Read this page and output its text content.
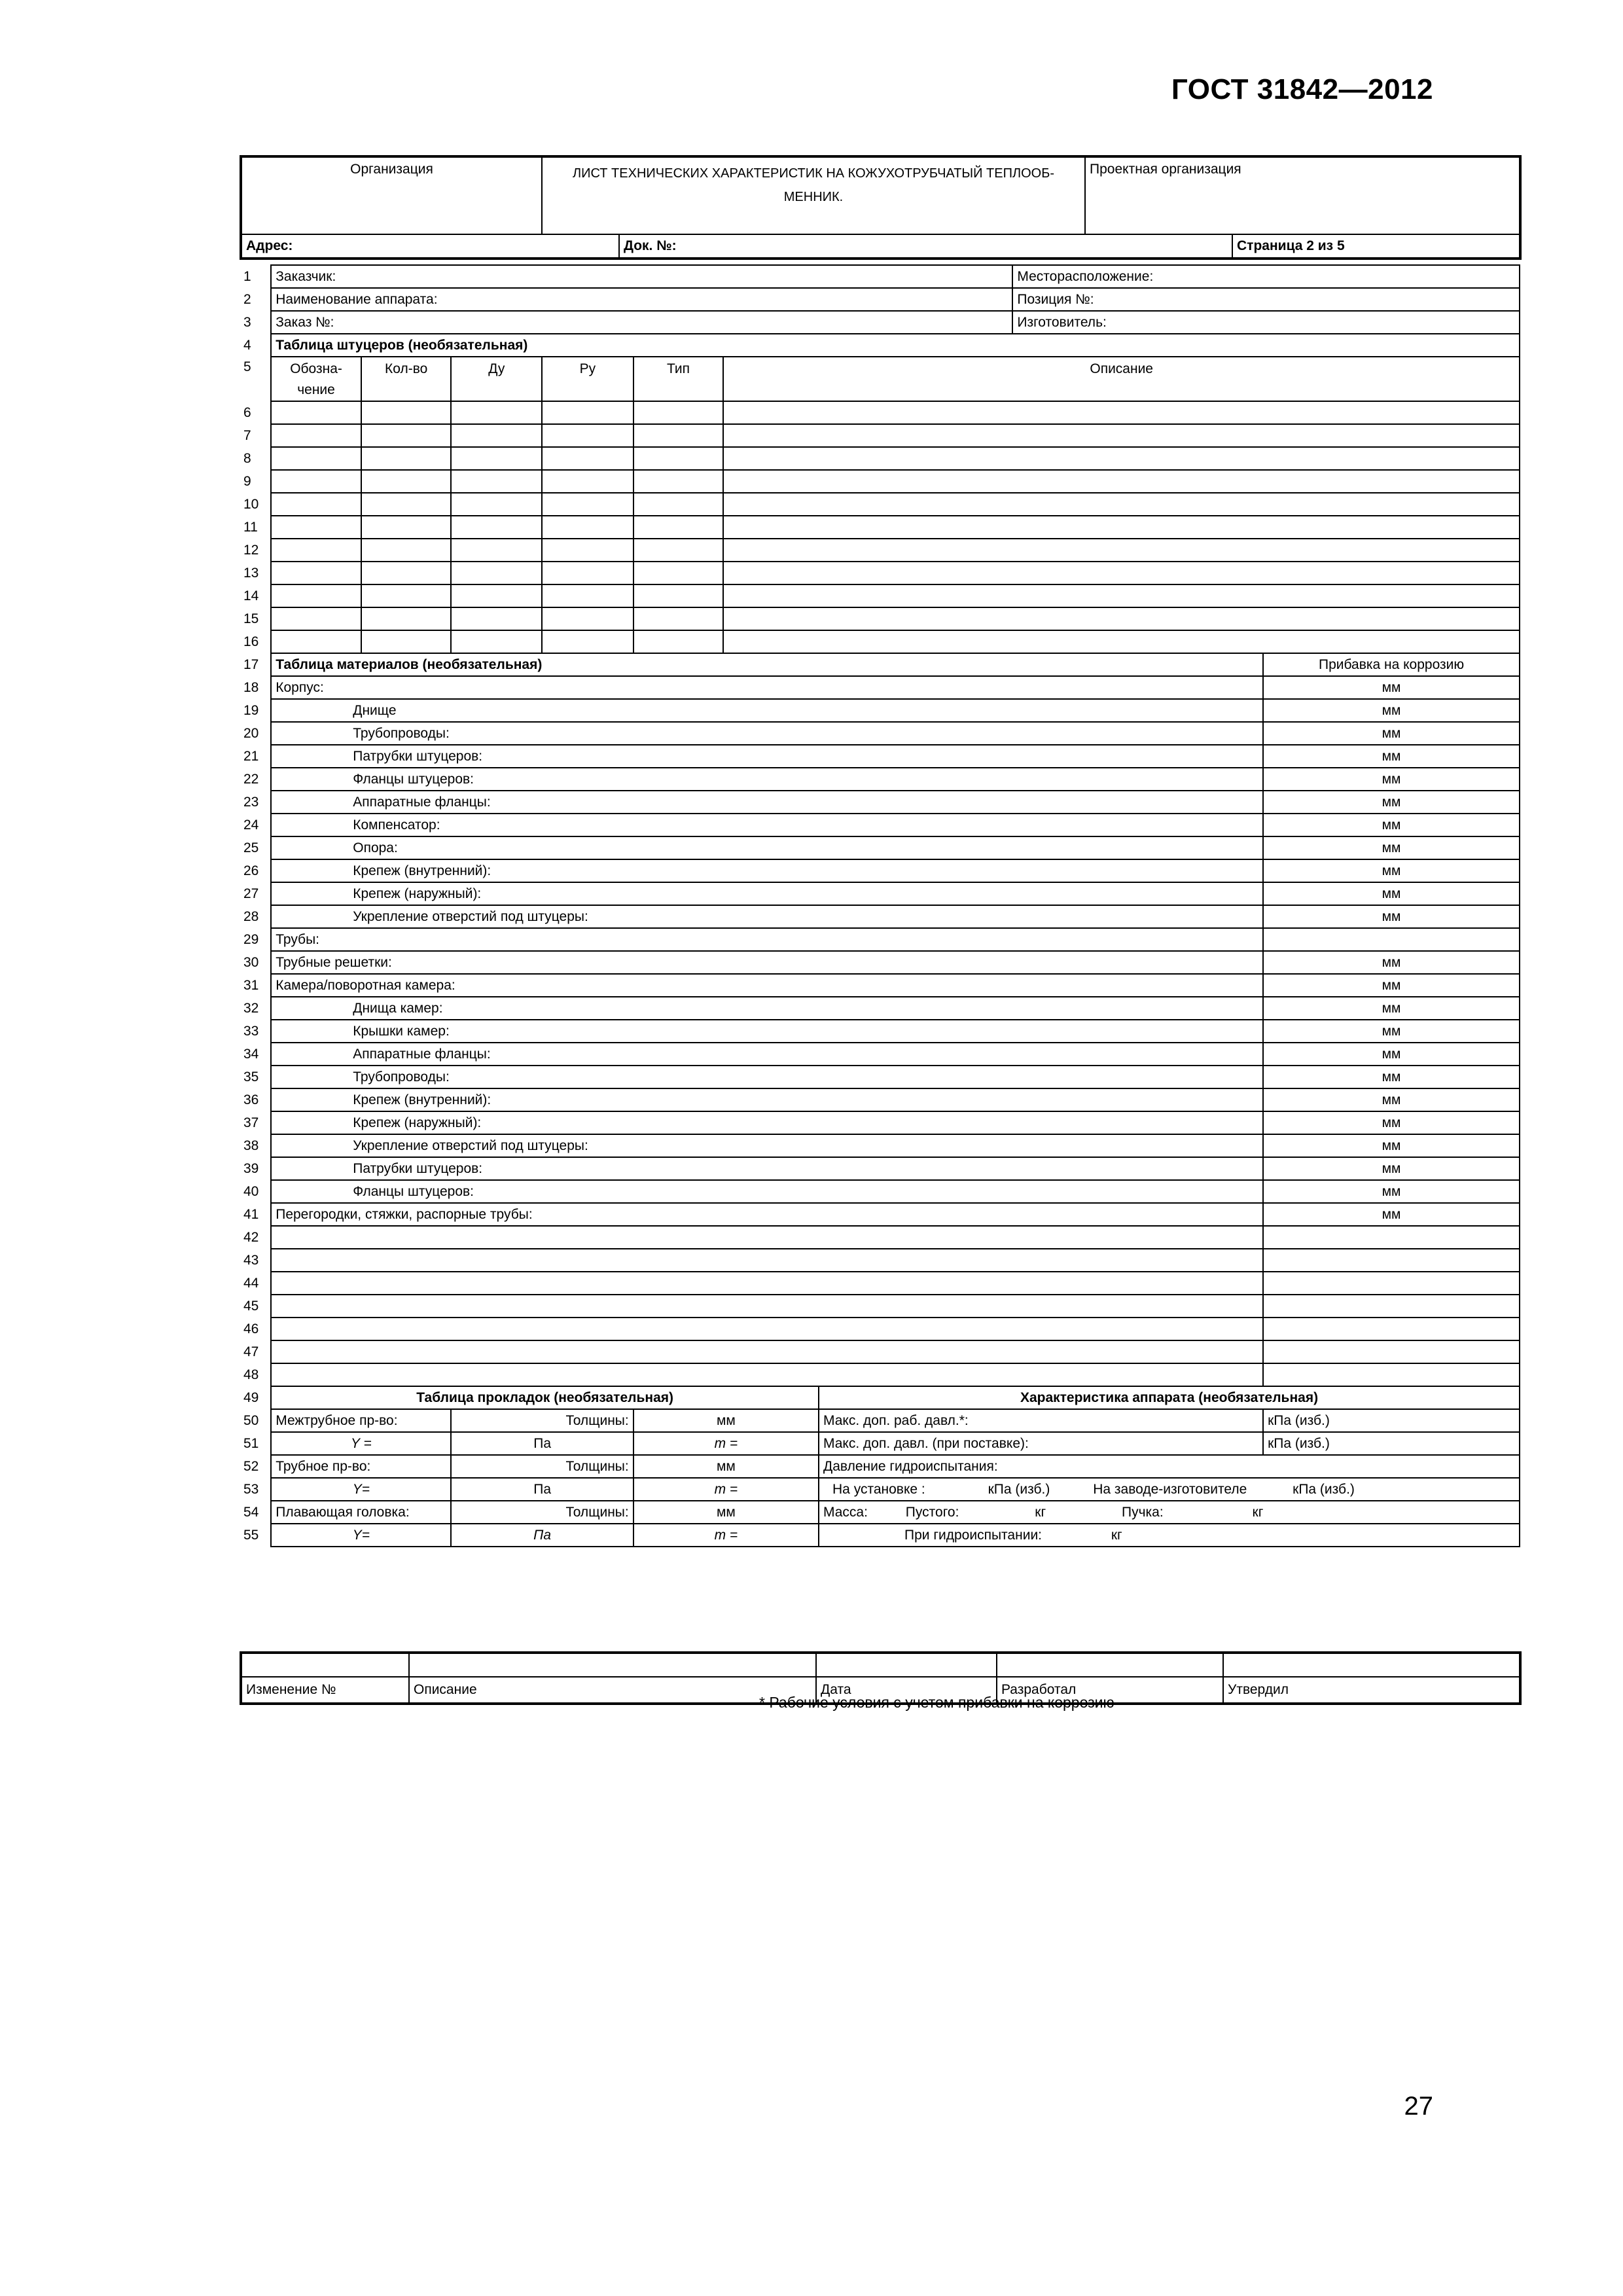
ГОСТ 31842—2012
Организация	ЛИСТ ТЕХНИЧЕСКИХ ХАРАКТЕРИСТИК НА КОЖУХОТРУБЧАТЫЙ ТЕПЛООБ-МЕННИК.		Проектная организация	
Адрес:		Док. №:		Страница 2 из 5
1	Заказчик:							Месторасположение:	
2	Наименование аппарата:							Позиция №:	
3	Заказ №:							Изготовитель:	
4	Таблица штуцеров (необязательная)								
5	Обозна-чение	Кол-во	Ду	Ру	Тип	Описание			
6									
7									
8									
9									
10									
11									
12									
13									
14									
15									
16									
17	Таблица материалов (необязательная)								Прибавка на коррозию
18	Корпус:								мм
19	Днище								мм
20	Трубопроводы:								мм
21	Патрубки штуцеров:								мм
22	Фланцы штуцеров:								мм
23	Аппаратные фланцы:								мм
24	Компенсатор:								мм
25	Опора:								мм
26	Крепеж (внутренний):								мм
27	Крепеж (наружный):								мм
28	Укрепление отверстий под штуцеры:								мм
29	Трубы:								
30	Трубные решетки:								мм
31	Камера/поворотная камера:								мм
32	Днища камер:								мм
33	Крышки камер:								мм
34	Аппаратные фланцы:								мм
35	Трубопроводы:								мм
36	Крепеж (внутренний):								мм
37	Крепеж (наружный):								мм
38	Укрепление отверстий под штуцеры:								мм
39	Патрубки штуцеров:								мм
40	Фланцы штуцеров:								мм
41	Перегородки, стяжки, распорные трубы:								мм
42									
43									
44									
45									
46									
47									
48									
49	Таблица прокладок (необязательная)						Характеристика аппарата (необязательная)		
50	Межтрубное пр-во:		Толщины:		мм		Макс. доп. раб. давл.*:		кПа (изб.)
51	Y =		Па		m =		Макс. доп. давл. (при поставке):		кПа (изб.)
52	Трубное пр-во:		Толщины:		мм		Давление гидроиспытания:		
53	Y=		Па		m =		На установке : кПа (изб.) На заводе-изготовителе кПа (изб.)		
54	Плавающая головка:		Толщины:		мм		Масса: Пустого: кг Пучка: кг		
55	Y=		Па		m =		При гидроиспытании: кг		

Изменение №	Описание	Дата	Разработал	Утвердил
* Рабочие условия с учетом прибавки на коррозию
27
